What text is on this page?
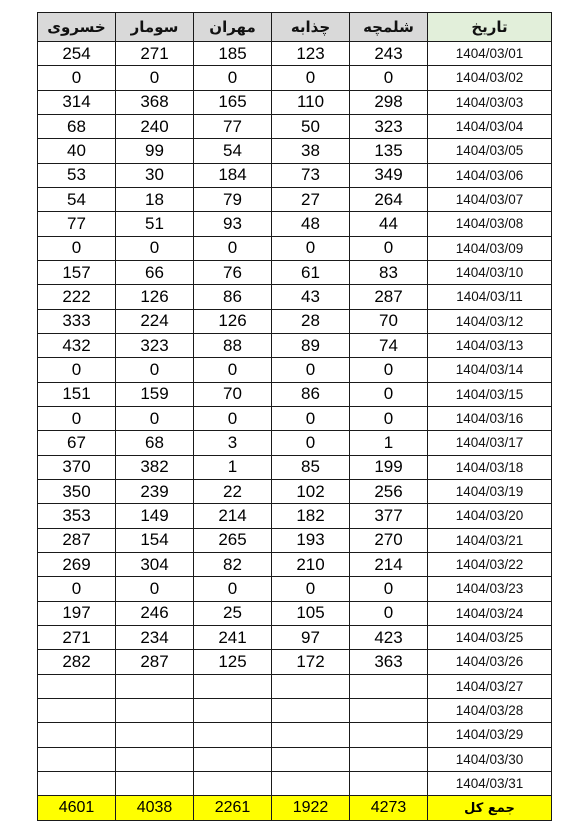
تاریخ	شلمچه	چذابه	مهران	سومار	خسروی
1404/03/01	243	123	185	271	254
1404/03/02	0	0	0	0	0
1404/03/03	298	110	165	368	314
1404/03/04	323	50	77	240	68
1404/03/05	135	38	54	99	40
1404/03/06	349	73	184	30	53
1404/03/07	264	27	79	18	54
1404/03/08	44	48	93	51	77
1404/03/09	0	0	0	0	0
1404/03/10	83	61	76	66	157
1404/03/11	287	43	86	126	222
1404/03/12	70	28	126	224	333
1404/03/13	74	89	88	323	432
1404/03/14	0	0	0	0	0
1404/03/15	0	86	70	159	151
1404/03/16	0	0	0	0	0
1404/03/17	1	0	3	68	67
1404/03/18	199	85	1	382	370
1404/03/19	256	102	22	239	350
1404/03/20	377	182	214	149	353
1404/03/21	270	193	265	154	287
1404/03/22	214	210	82	304	269
1404/03/23	0	0	0	0	0
1404/03/24	0	105	25	246	197
1404/03/25	423	97	241	234	271
1404/03/26	363	172	125	287	282
1404/03/27					
1404/03/28					
1404/03/29					
1404/03/30					
1404/03/31					
جمع کل	4273	1922	2261	4038	4601
